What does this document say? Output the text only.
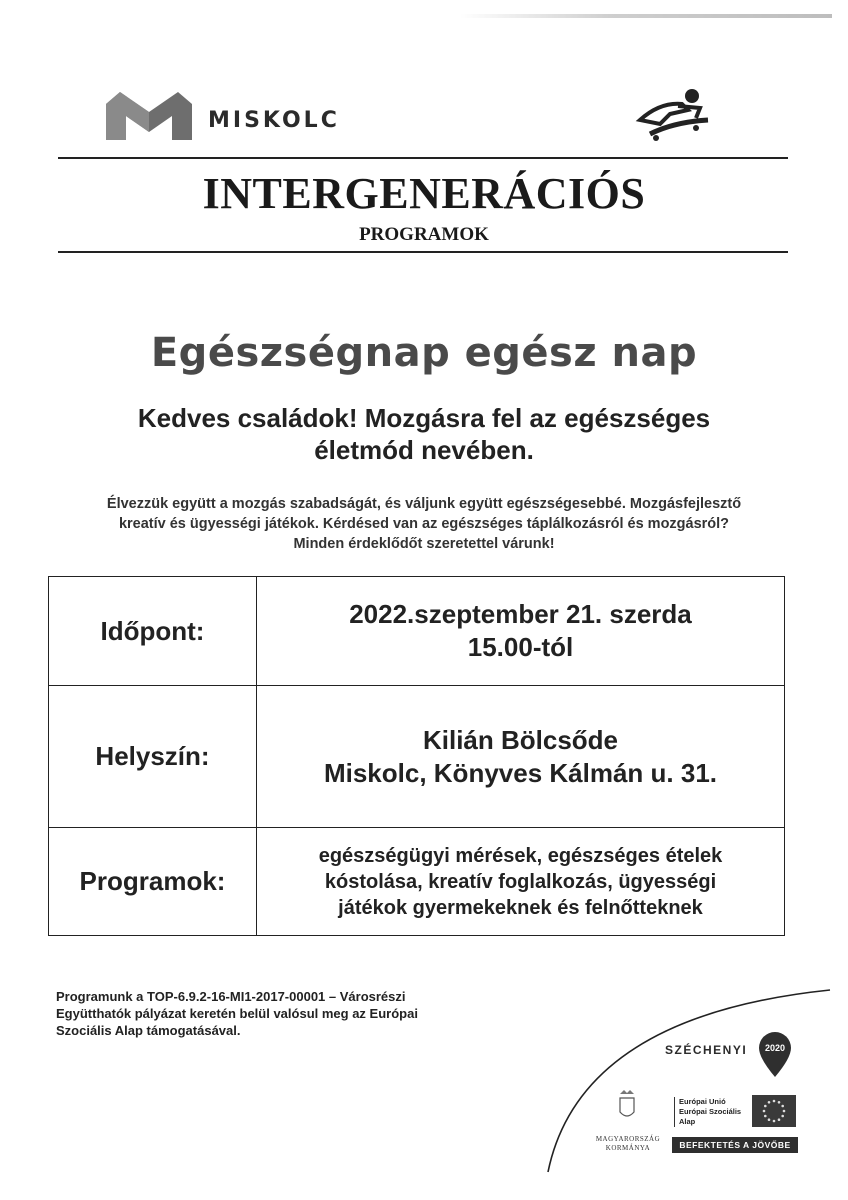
MISKOLC
INTERGENERÁCIÓS
PROGRAMOK
Egészségnap egész nap
Kedves családok! Mozgásra fel az egészséges
életmód nevében.
Élvezzük együtt a mozgás szabadságát, és váljunk együtt egészségesebbé. Mozgásfejlesztő
kreatív és ügyességi játékok. Kérdésed van az egészséges táplálkozásról és mozgásról?
Minden érdeklődőt szeretettel várunk!
Időpont:	2022.szeptember 21. szerda
15.00-tól

Helyszín:	Kilián Bölcsőde
Miskolc, Könyves Kálmán u. 31.

Programok:	egészségügyi mérések, egészséges ételek
kóstolása, kreatív foglalkozás, ügyességi
játékok gyermekeknek és felnőtteknek
Programunk a TOP-6.9.2-16-MI1-2017-00001 – Városrészi
Együtthatók pályázat keretén belül valósul meg az Európai
Szociális Alap támogatásával.
SZÉCHENYI 2020
MAGYARORSZÁG
KORMÁNYA
Európai Unió
Európai Szociális
Alap
BEFEKTETÉS A JÖVŐBE
